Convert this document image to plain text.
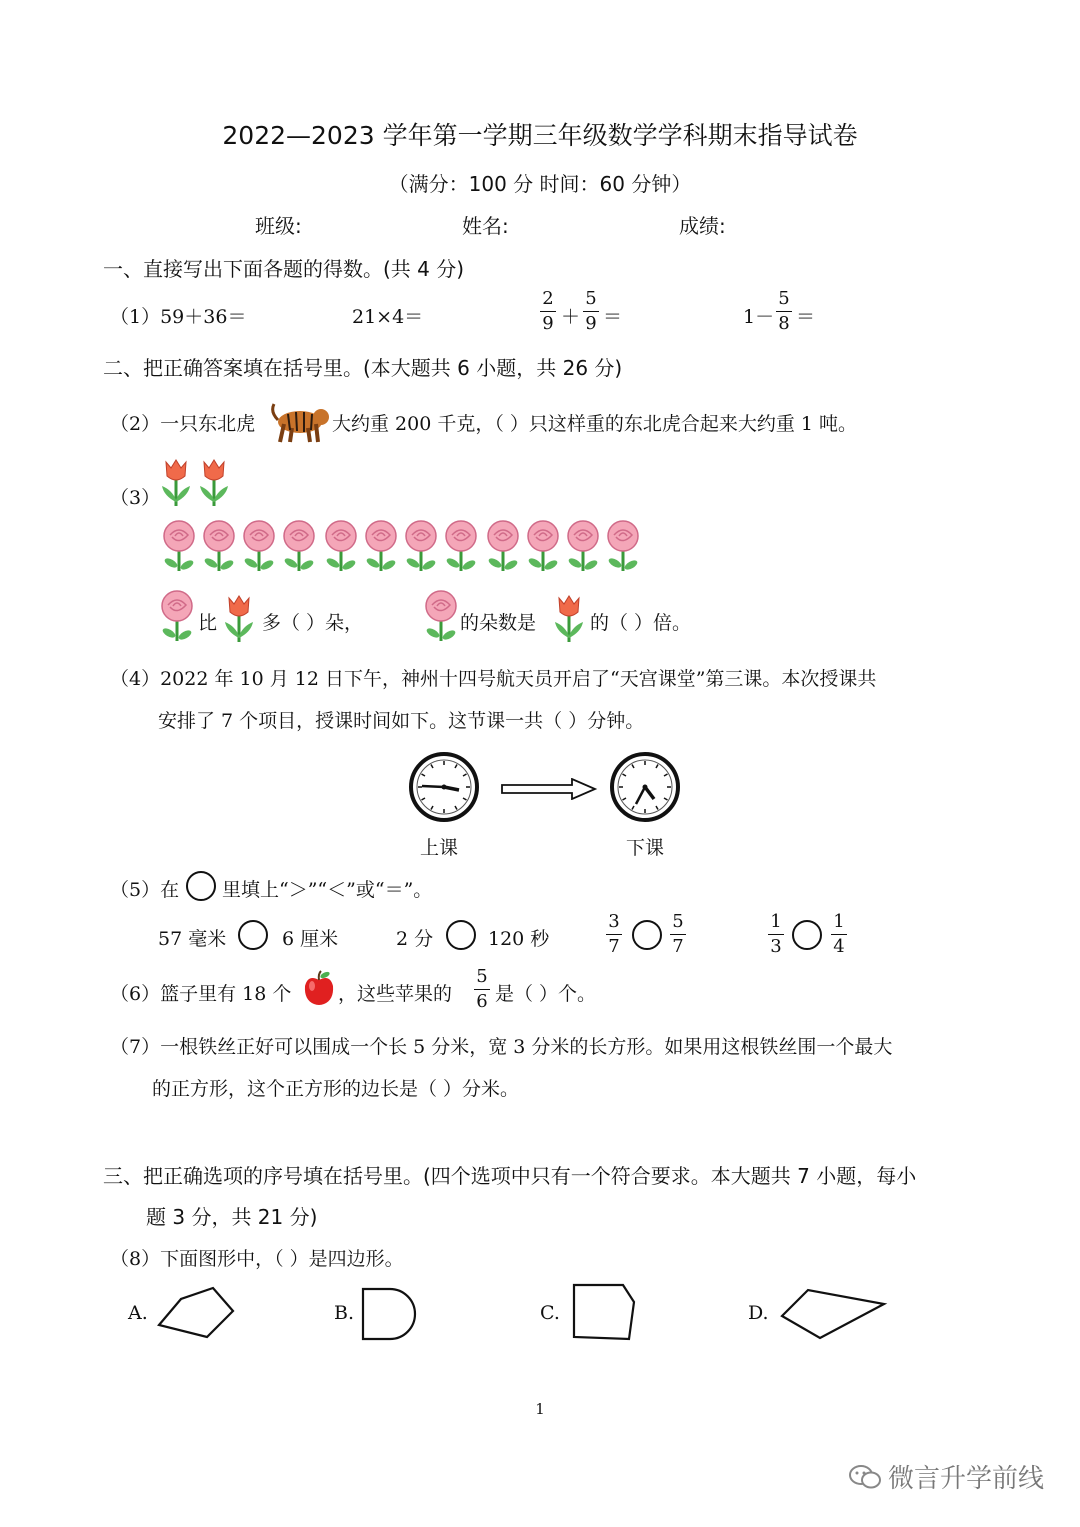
2022—2023 学年第一学期三年级数学学科期末指导试卷
（满分：100 分 时间：60 分钟）
班级:	姓名:	成绩:
一、直接写出下面各题的得数。(共 4 分)
（1）59＋36＝	21×4＝
2
9 ＋
5
9 ＝	1－
5
8 ＝
二、把正确答案填在括号里。(本大题共 6 小题，共 26 分)
（2）一只东北虎	大约重 200 千克，（ ）只这样重的东北虎合起来大约重 1 吨。
（3）
比 多（ ）朵，	的朵数是	的（ ）倍。
（4）2022 年 10 月 12 日下午，神州十四号航天员开启了“天宫课堂”第三课。本次授课共
安排了 7 个项目，授课时间如下。这节课一共（ ）分钟。
上课	下课
（5）在 里填上“＞”“＜”或“＝”。
57 毫米	6 厘米	2 分	120 秒
3
7
5
7
1
3
1
4
（6）篮子里有 18 个 ，这些苹果的
5
6 是（ ）个。
（7）一根铁丝正好可以围成一个长 5 分米，宽 3 分米的长方形。如果用这根铁丝围一个最大
的正方形，这个正方形的边长是（ ）分米。
三、把正确选项的序号填在括号里。(四个选项中只有一个符合要求。本大题共 7 小题，每小
题 3 分，共 21 分)
（8）下面图形中，（ ）是四边形。
A.	B.	C.	D.
1
微言升学前线
